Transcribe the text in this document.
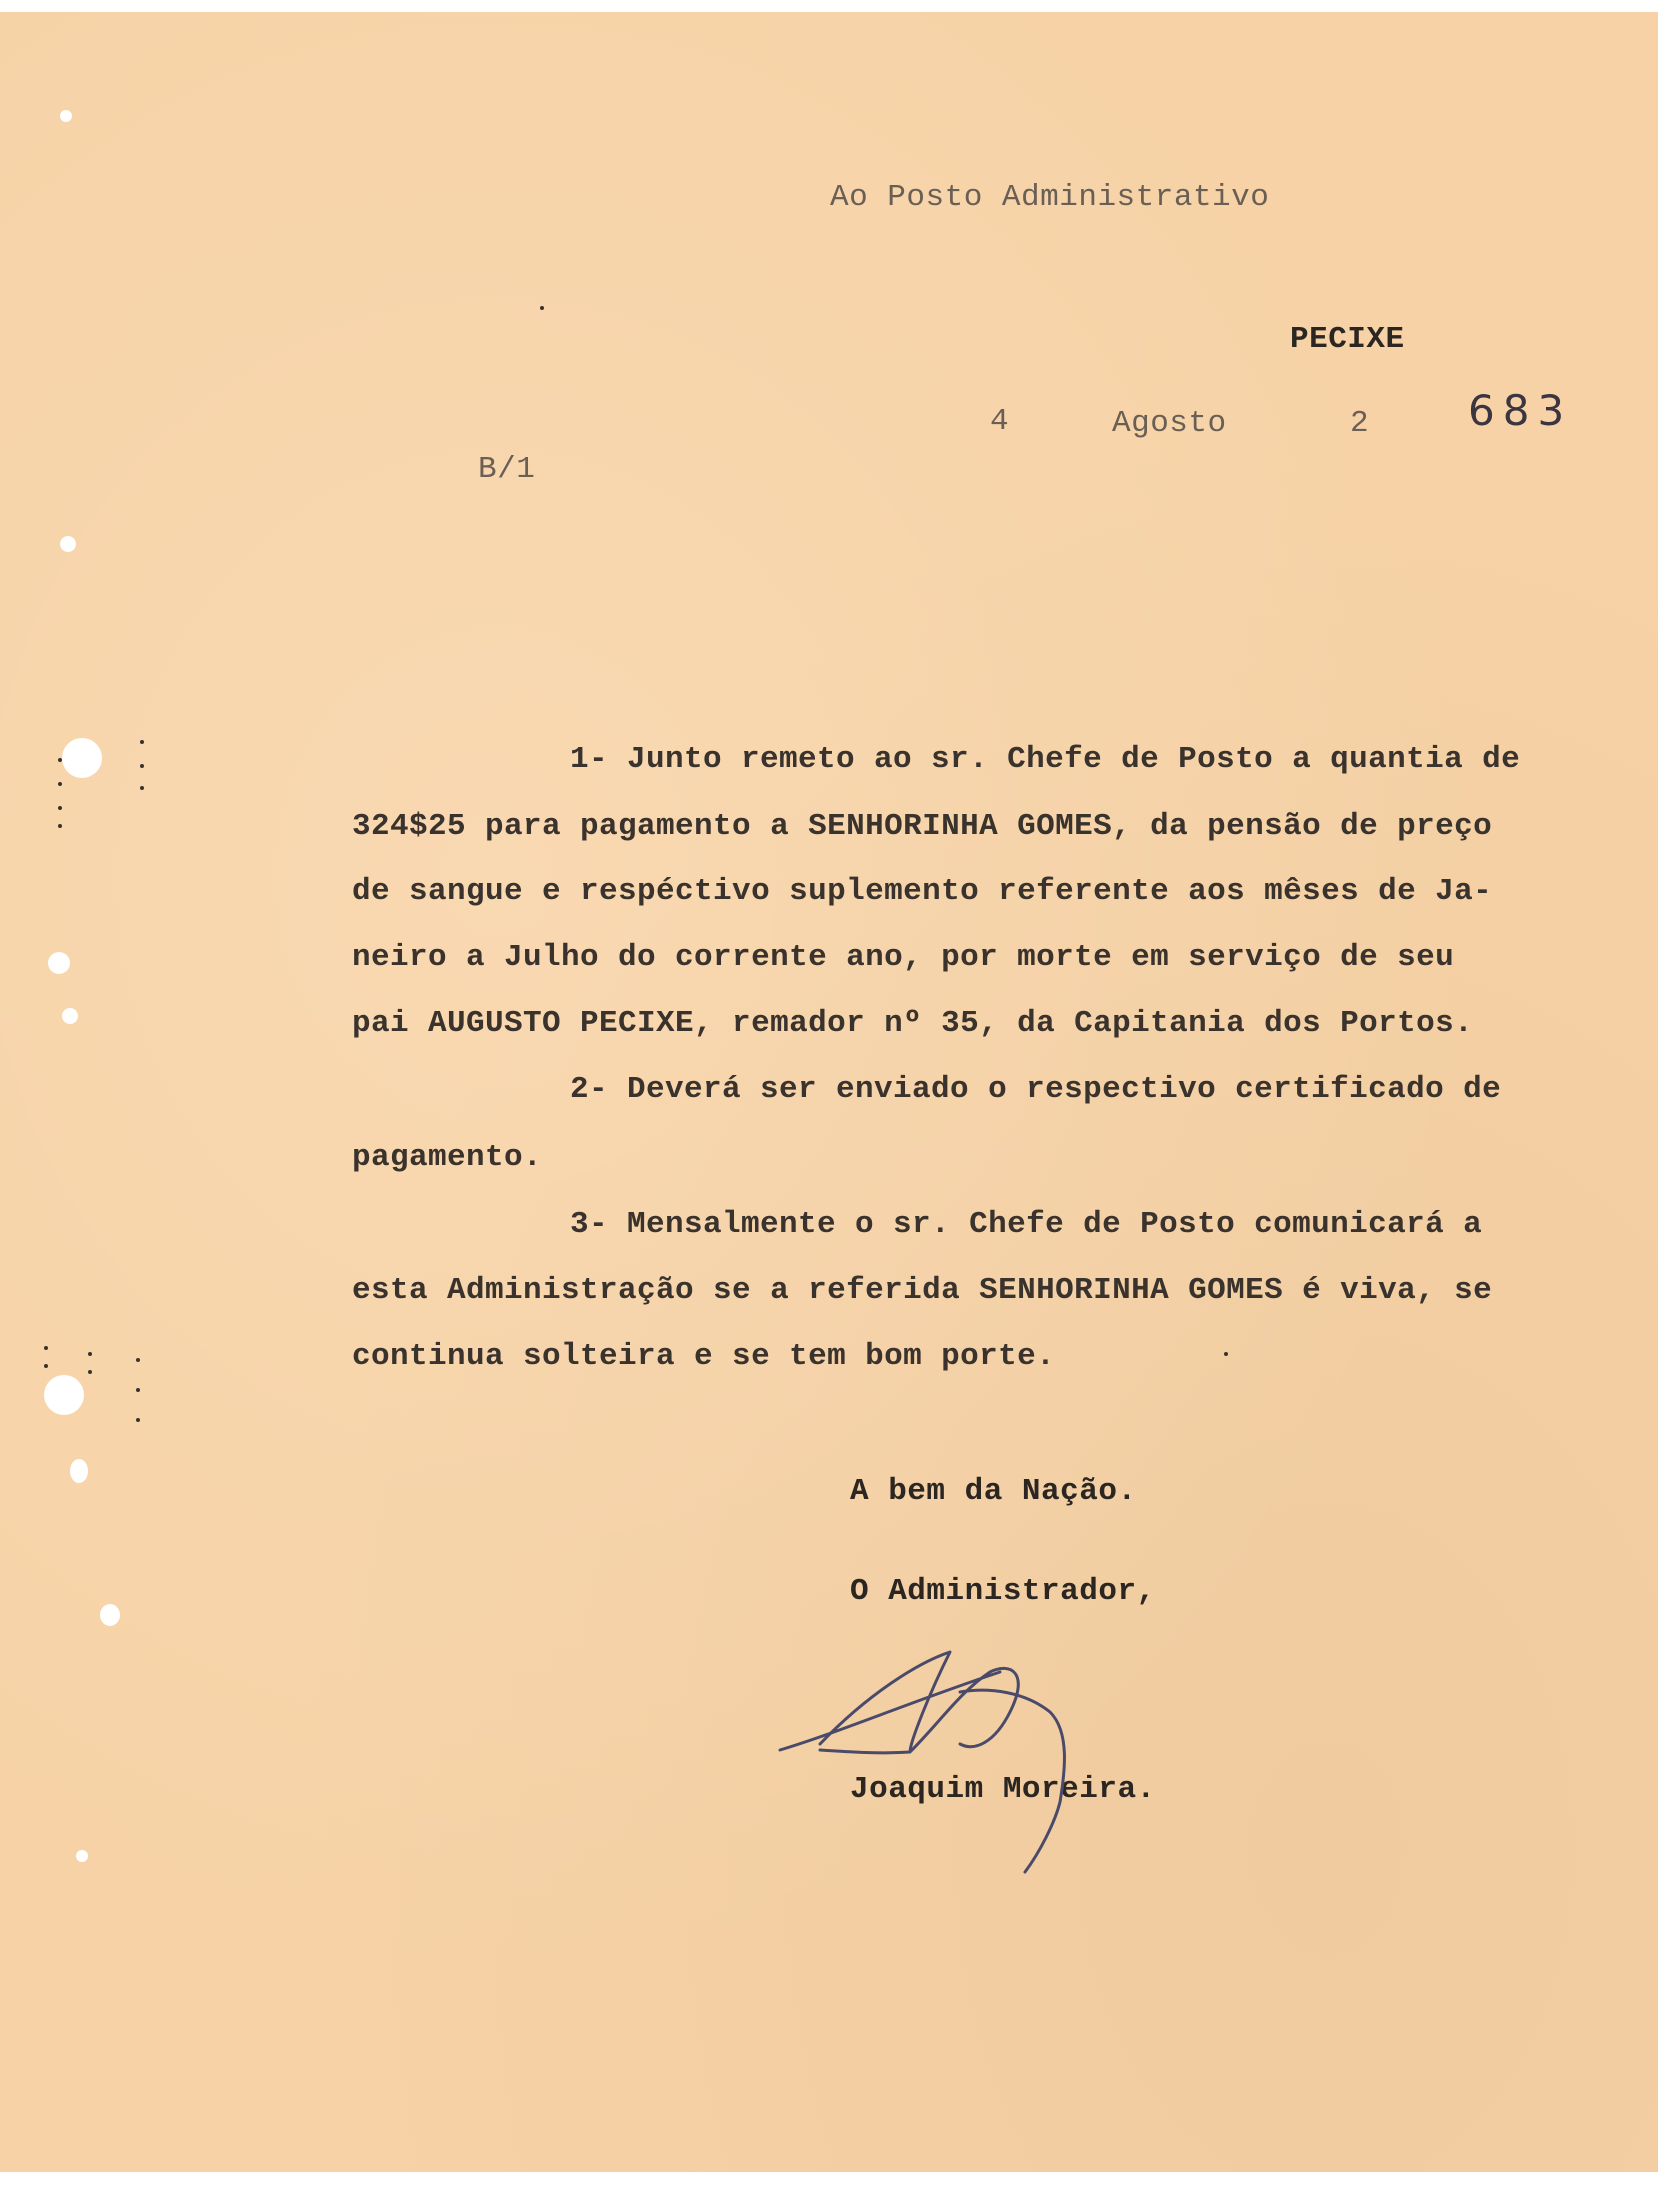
Ao Posto Administrativo
PECIXE
4	Agosto	2 683
B/1
1- Junto remeto ao sr. Chefe de Posto a quantia de
324$25 para pagamento a SENHORINHA GOMES, da pensão de preço
de sangue e respéctivo suplemento referente aos mêses de Ja-
neiro a Julho do corrente ano, por morte em serviço de seu
pai AUGUSTO PECIXE, remador nº 35, da Capitania dos Portos.
2- Deverá ser enviado o respectivo certificado de
pagamento.
3- Mensalmente o sr. Chefe de Posto comunicará a
esta Administração se a referida SENHORINHA GOMES é viva, se
continua solteira e se tem bom porte.
A bem da Nação.
O Administrador,
Joaquim Moreira.
